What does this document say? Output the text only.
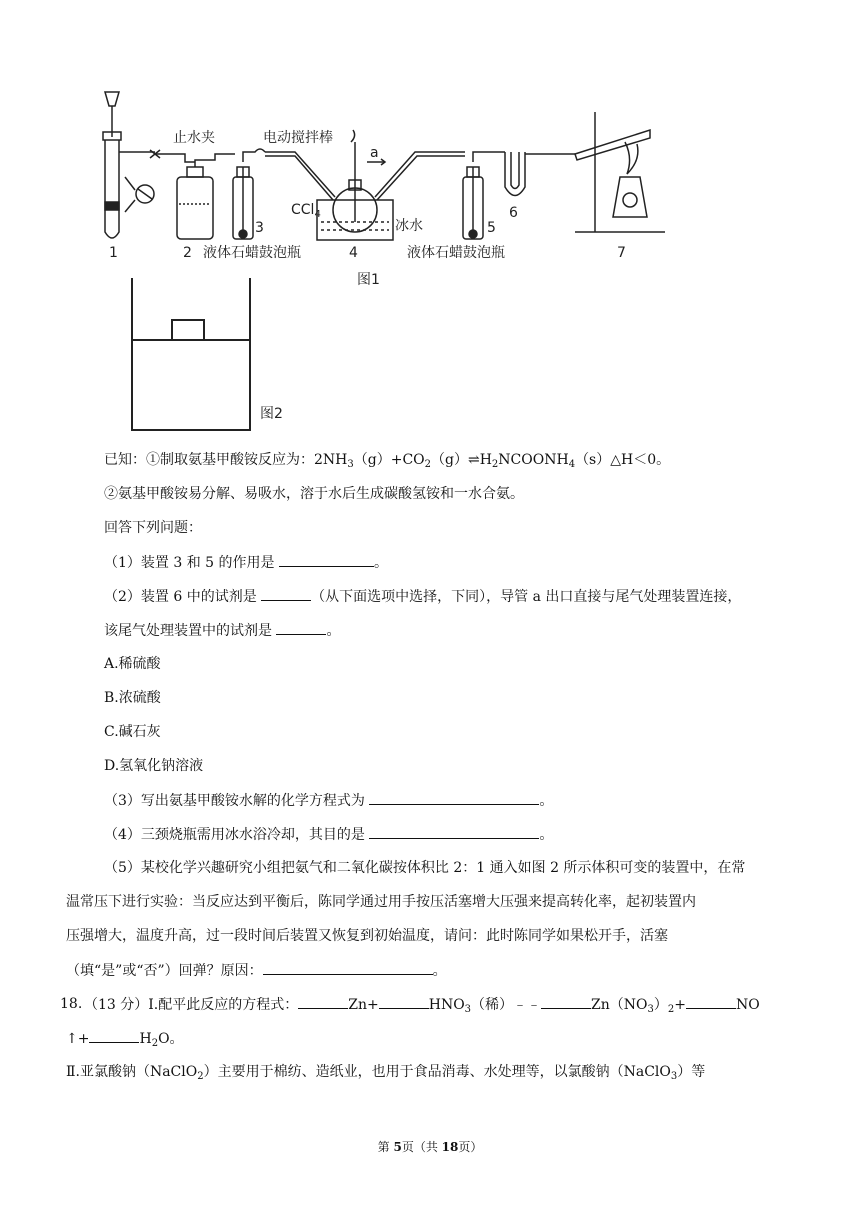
止水夹	电动搅拌棒
a
CCl$_4$
冰水
3	5
6
1	2 液体石蜡鼓泡瓶	4	液体石蜡鼓泡瓶	7
图1
图2
已知：①制取氨基甲酸铵反应为：$2NH_3(g)+CO_2(g)\rightleftharpoons H_2NCOONH_4(s)\triangle H<0$。
②氨基甲酸铵易分解、易吸水，溶于水后生成碳酸氢铵和一水合氨。
回答下列问题：
（1）装置 3 和 5 的作用是	。
（2）装置 6 中的试剂是	（从下面选项中选择，下同），导管 a 出口直接与尾气处理装置连接，
该尾气处理装置中的试剂是	。
A.稀硫酸
B.浓硫酸
C.碱石灰
D.氢氧化钠溶液
（3）写出氨基甲酸铵水解的化学方程式为	。
（4）三颈烧瓶需用冰水浴冷却，其目的是	。
（5）某校化学兴趣研究小组把氨气和二氧化碳按体积比 2：1 通入如图 2 所示体积可变的装置中，在常
温常压下进行实验：当反应达到平衡后，陈同学通过用手按压活塞增大压强来提高转化率，起初装置内
压强增大，温度升高，过一段时间后装置又恢复到初始温度，请问：此时陈同学如果松开手，活塞
（填“是”或“否”）回弹？原因：	。
18. （13 分）Ⅰ.配平此反应的方程式：	Zn+	$HNO_3$（稀）﹣﹣	$Zn(NO_3)_2+$	NO
↑+	$H_2O$。
Ⅱ.亚氯酸钠（NaClO$_2$）主要用于棉纺、造纸业，也用于食品消毒、水处理等，以氯酸钠（NaClO$_3$）等
第 5页（共 18页）
